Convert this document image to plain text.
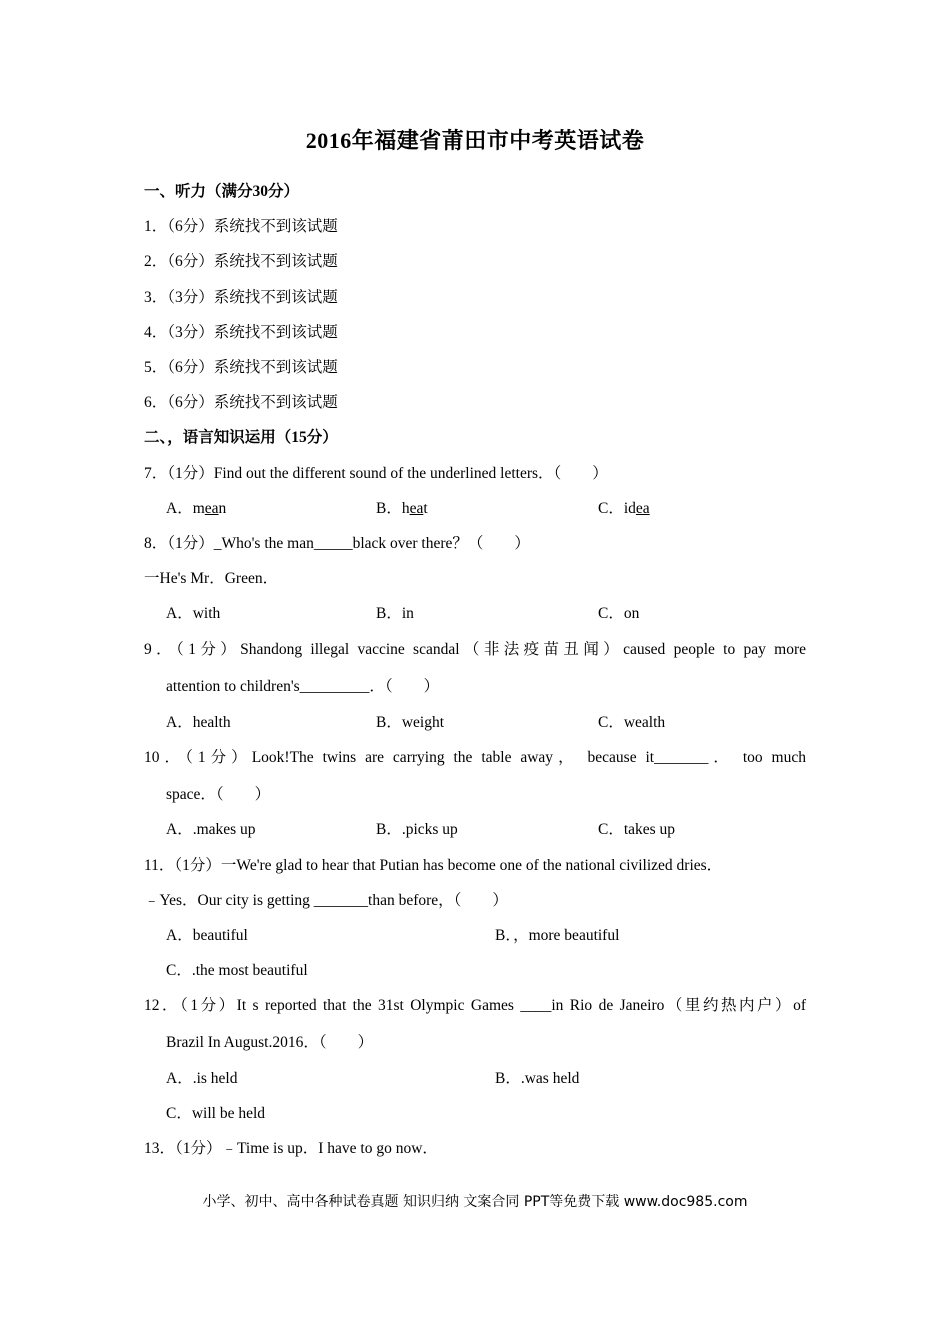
2016年福建省莆田市中考英语试卷
一、听力（满分30分）
1．（6分）系统找不到该试题
2．（6分）系统找不到该试题
3．（3分）系统找不到该试题
4．（3分）系统找不到该试题
5．（6分）系统找不到该试题
6．（6分）系统找不到该试题
二、，语言知识运用（15分）
7．（1分）Find out the different sound of the underlined letters．（　　）
A．mean	B．heat	C．idea
8．（1分）_Who's the man_____black over there？（　　）
一He's Mr．Green．
A．with	B．in	C．on
9．（1分）Shandong illegal vaccine scandal（非法疫苗丑闻）caused people to pay more
attention to children's_________．（　　）
A．health	B．weight	C．wealth
10．（1分）Look!The twins are carrying the table away， because it_______． too much
space．（　　）
A．.makes up	B．.picks up	C．takes up
11．（1分）一We're glad to hear that Putian has become one of the national civilized dries．
﹣Yes．Our city is getting _______than before，（　　）
A．beautiful	B．，more beautiful
C．.the most beautiful
12．（1分）It s reported that the 31st Olympic Games ____in Rio de Janeiro（里约热内户）of
Brazil In August.2016．（　　）
A．.is held	B．.was held
C．will be held
13．（1分）﹣Time is up．I have to go now．
小学、初中、高中各种试卷真题 知识归纳 文案合同 PPT等免费下载 www.doc985.com
